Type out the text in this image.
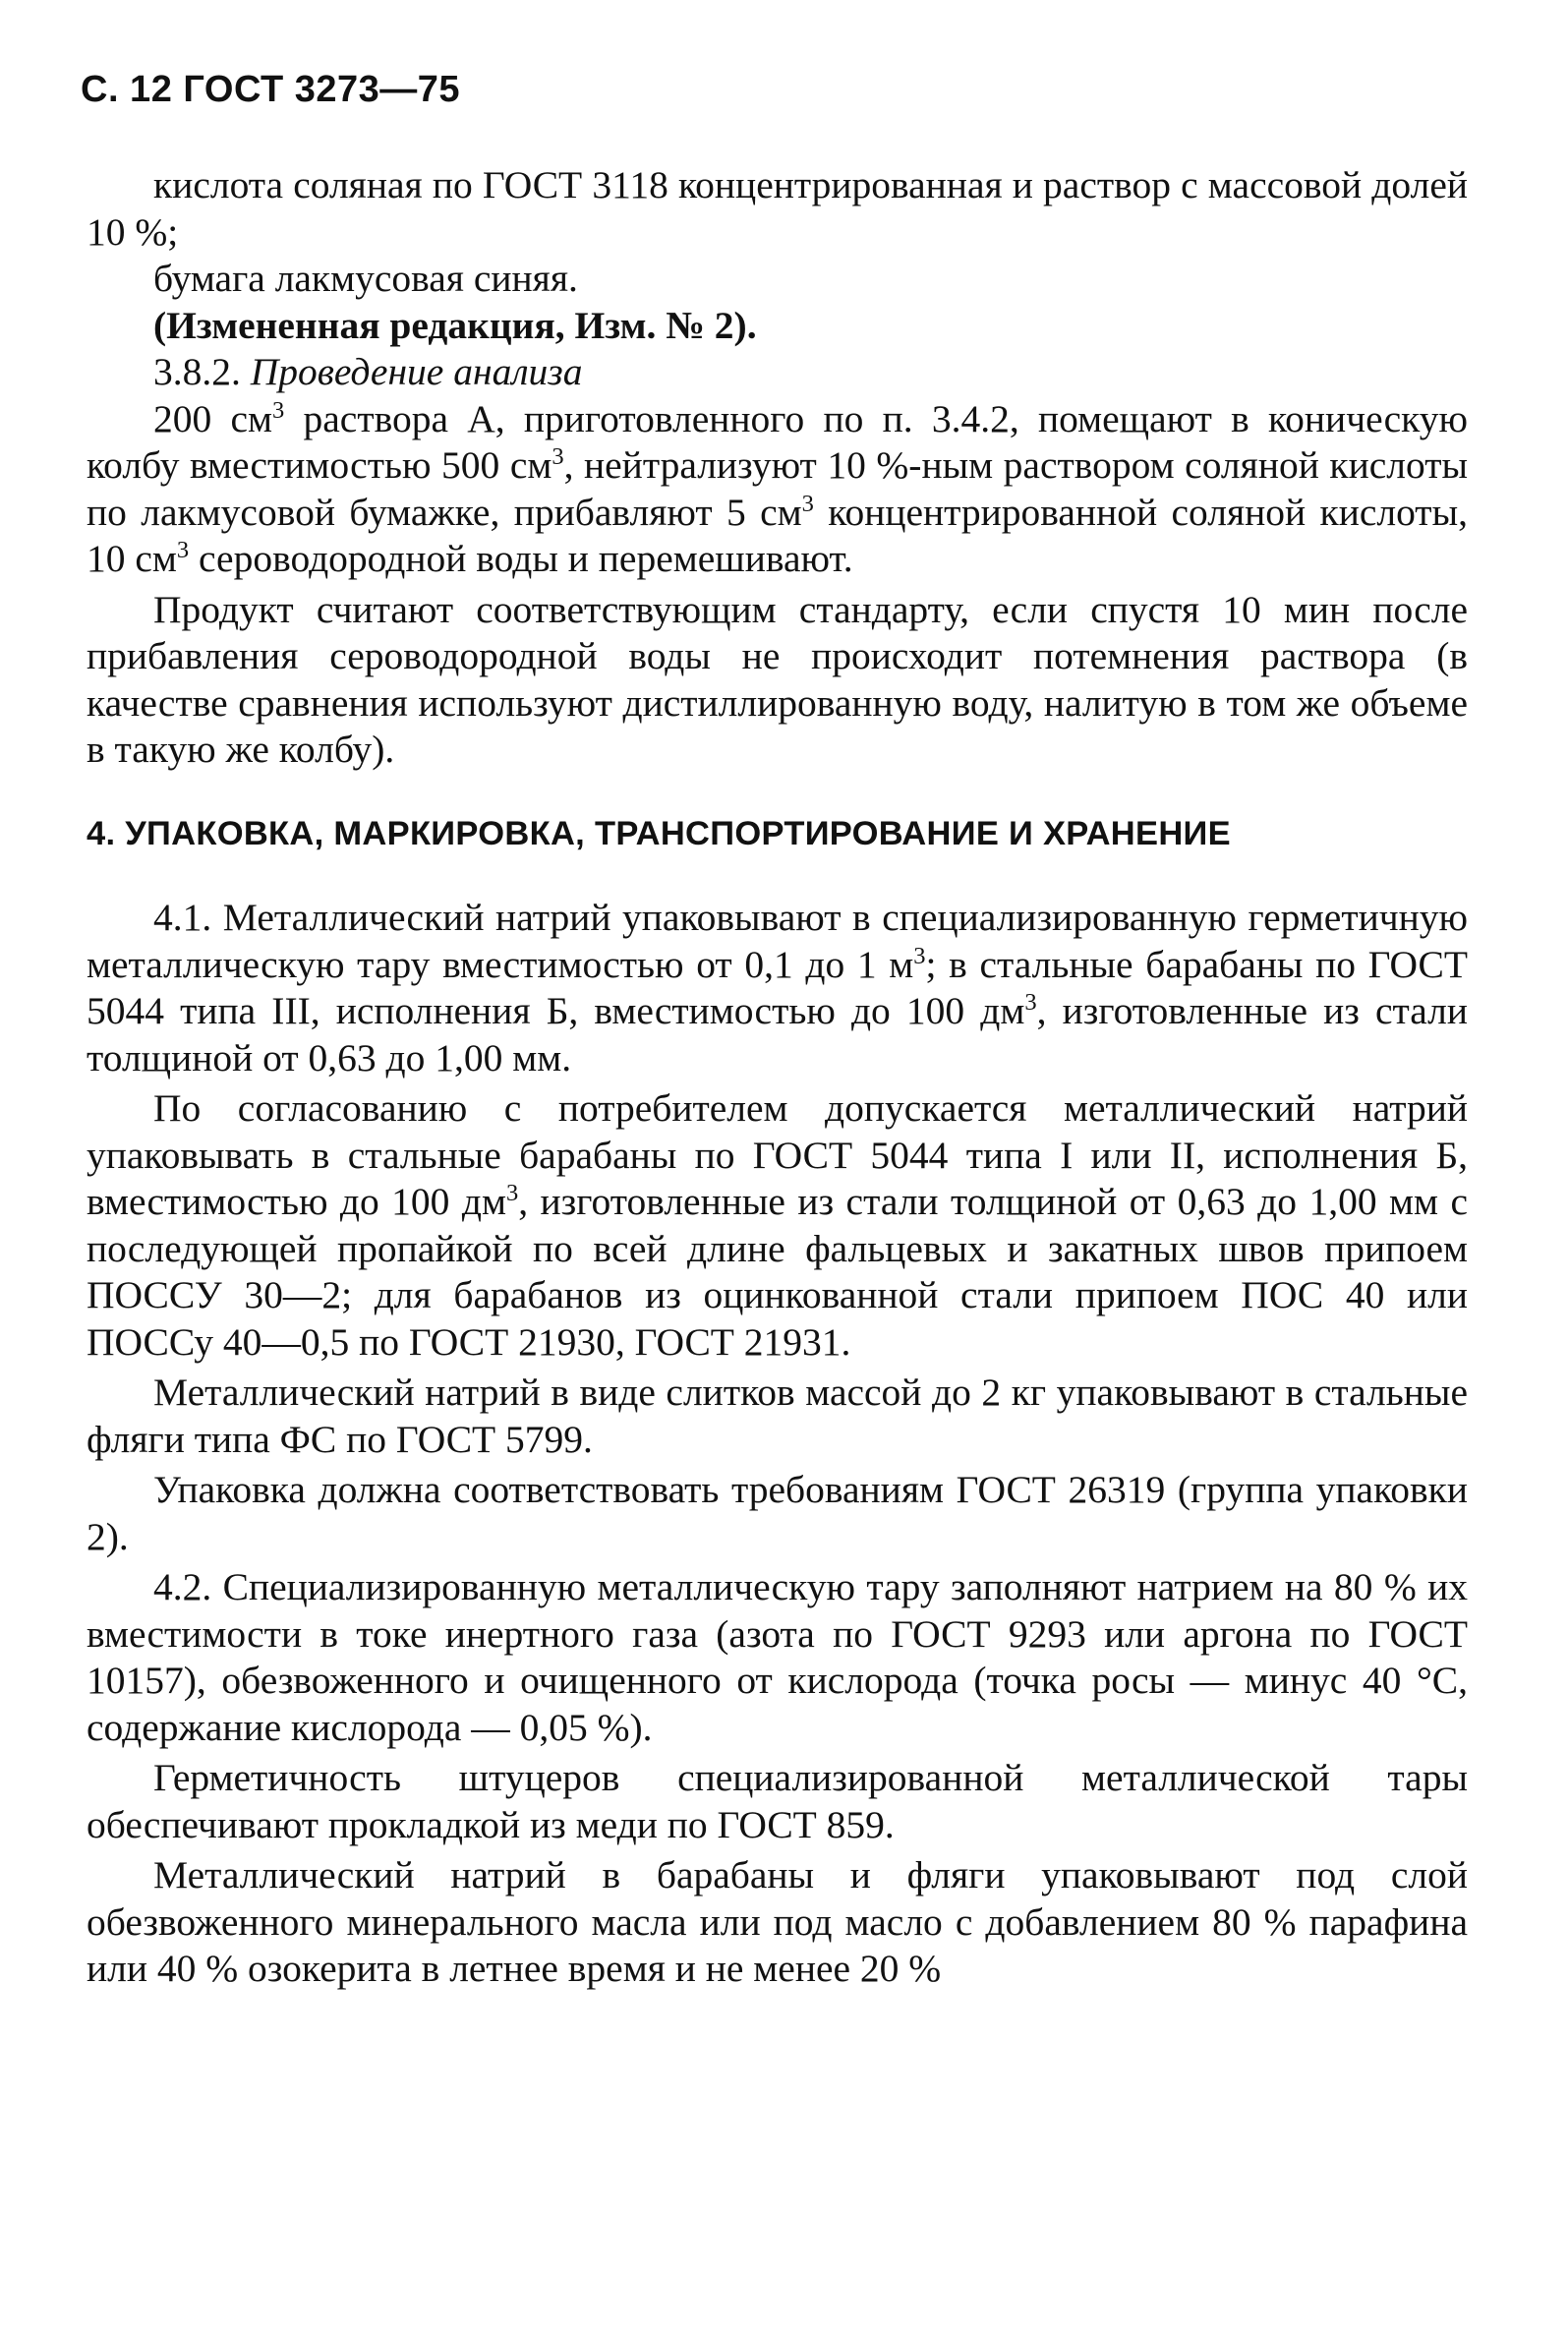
С. 12 ГОСТ 3273—75

кислота соляная по ГОСТ 3118 концентрированная и раствор с массовой долей 10 %;

бумага лакмусовая синяя.

(Измененная редакция, Изм. № 2).

3.8.2. Проведение анализа

200 $см^3$ раствора А, приготовленного по п. 3.4.2, помещают в коническую колбу вместимостью 500 $см^3$, нейтрализуют 10 %-ным раствором соляной кислоты по лакмусовой бумажке, прибавляют 5 $см^3$ концентрированной соляной кислоты, 10 $см^3$ сероводородной воды и перемешивают.

Продукт считают соответствующим стандарту, если спустя 10 мин после прибавления сероводородной воды не происходит потемнения раствора (в качестве сравнения используют дистиллированную воду, налитую в том же объеме в такую же колбу).

4. УПАКОВКА, МАРКИРОВКА, ТРАНСПОРТИРОВАНИЕ И ХРАНЕНИЕ

4.1. Металлический натрий упаковывают в специализированную герметичную металлическую тару вместимостью от 0,1 до 1 $м^3$; в стальные барабаны по ГОСТ 5044 типа III, исполнения Б, вместимостью до 100 $дм^3$, изготовленные из стали толщиной от 0,63 до 1,00 мм.

По согласованию с потребителем допускается металлический натрий упаковывать в стальные барабаны по ГОСТ 5044 типа I или II, исполнения Б, вместимостью до 100 $дм^3$, изготовленные из стали толщиной от 0,63 до 1,00 мм с последующей пропайкой по всей длине фальцевых и закатных швов припоем ПОССУ 30—2; для барабанов из оцинкованной стали припоем ПОС 40 или ПОССу 40—0,5 по ГОСТ 21930, ГОСТ 21931.

Металлический натрий в виде слитков массой до 2 кг упаковывают в стальные фляги типа ФС по ГОСТ 5799.

Упаковка должна соответствовать требованиям ГОСТ 26319 (группа упаковки 2).

4.2. Специализированную металлическую тару заполняют натрием на 80 % их вместимости в токе инертного газа (азота по ГОСТ 9293 или аргона по ГОСТ 10157), обезвоженного и очищенного от кислорода (точка росы — минус 40 °С, содержание кислорода — 0,05 %).

Герметичность штуцеров специализированной металлической тары обеспечивают прокладкой из меди по ГОСТ 859.

Металлический натрий в барабаны и фляги упаковывают под слой обезвоженного минерального масла или под масло с добавлением 80 % парафина или 40 % озокерита в летнее время и не менее 20 %
